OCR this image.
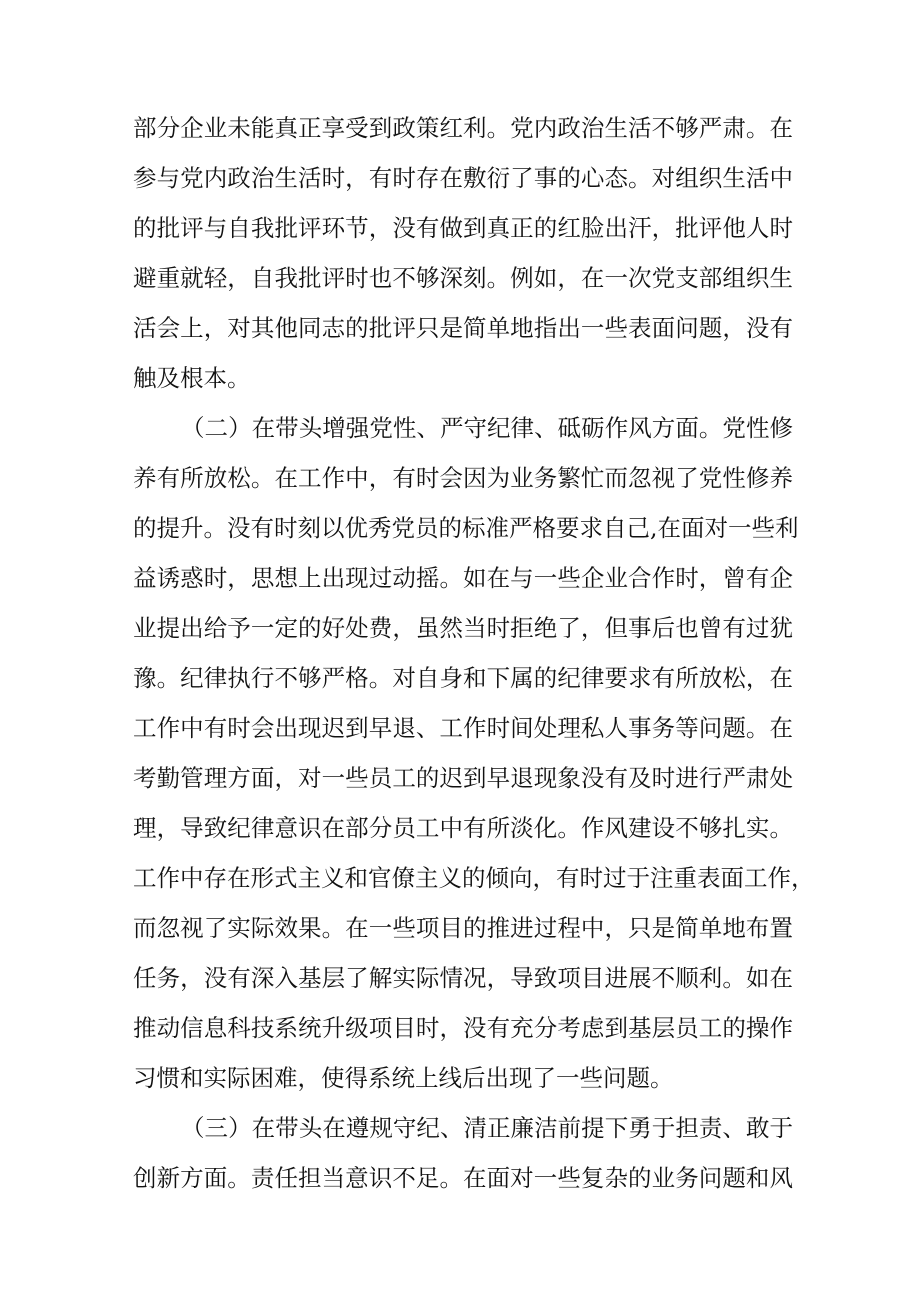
部分企业未能真正享受到政策红利。党内政治生活不够严肃。在
参与党内政治生活时，有时存在敷衍了事的心态。对组织生活中
的批评与自我批评环节，没有做到真正的红脸出汗，批评他人时
避重就轻，自我批评时也不够深刻。例如，在一次党支部组织生
活会上，对其他同志的批评只是简单地指出一些表面问题，没有
触及根本。
（二）在带头增强党性、严守纪律、砥砺作风方面。党性修
养有所放松。在工作中，有时会因为业务繁忙而忽视了党性修养
的提升。没有时刻以优秀党员的标准严格要求自己,在面对一些利
益诱惑时，思想上出现过动摇。如在与一些企业合作时，曾有企
业提出给予一定的好处费，虽然当时拒绝了，但事后也曾有过犹
豫。纪律执行不够严格。对自身和下属的纪律要求有所放松，在
工作中有时会出现迟到早退、工作时间处理私人事务等问题。在
考勤管理方面，对一些员工的迟到早退现象没有及时进行严肃处
理，导致纪律意识在部分员工中有所淡化。作风建设不够扎实。
工作中存在形式主义和官僚主义的倾向，有时过于注重表面工作，
而忽视了实际效果。在一些项目的推进过程中，只是简单地布置
任务，没有深入基层了解实际情况，导致项目进展不顺利。如在
推动信息科技系统升级项目时，没有充分考虑到基层员工的操作
习惯和实际困难，使得系统上线后出现了一些问题。
（三）在带头在遵规守纪、清正廉洁前提下勇于担责、敢于
创新方面。责任担当意识不足。在面对一些复杂的业务问题和风
